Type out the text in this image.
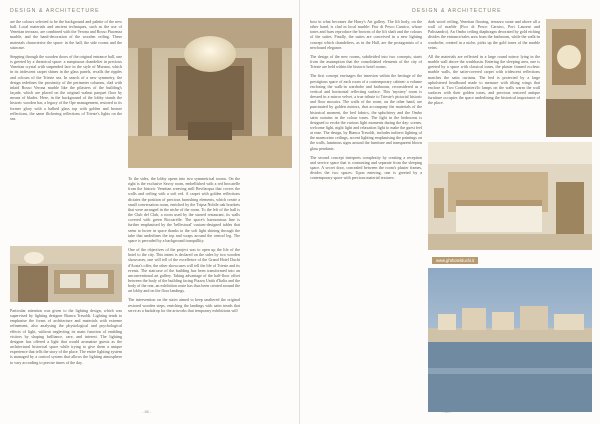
DESIGN & ARCHITECTURE

are the colours selected to be the background and palette of the new hall. Local materials and ancient techniques, such as the use of Venetian terrazzo, are combined with the Verona and Rosso Piacenza marble, and the hand-decoration of the wooden ceiling. These materials characterise the space: in the hall, the side rooms and the staircase.

Stepping through the wooden doors of the original entrance hall, one is greeted by a theatrical space: a sumptuous chandelier in precious Venetian crystal with suspended lace in the style of Murano, which in its iridescent carpet shines in the glass panels, recalls the ripples and colours of the Trieste sea. In search of a new symmetry, the design redefines the proximity of the perimeter columns, clad with inlaid Rosso Verona marble like the pilasters of the building's façade, which are placed on the original walnut parquet floor by means of blades. Here, in the background of the lobby stands the historic wooden bar, a legacy of the Ope management, restored to its former glory with a balked glass top with golden and bronze reflections, the same flickering reflections of Trieste's lights on the sea.

To the sides, the lobby opens into two symmetrical rooms. On the right is the exclusive Savoy room, embellished with a red brocatelle from the historic Venetian weaving mill Bevilacqua that covers the walls and ceiling with a soft red. A carpet with golden reflections dictates the position of precious furnishing elements, which create a small conversation room, enriched by the Tripsa Nobile oak brackets that were arranged in the niche of the room. To the left of the hall is the Club del Club, a room used by the starred restaurant, its walls covered with green Boccarelle. The space's harmonious line is further emphasised by the 'bellestoral' custom-designed tables that seem to hover in space thanks to the soft light shining through the tube that underlines the top and wraps around the central leg. The space is pervaded by a background tranquillity.

One of the objectives of the project was to open up the life of the hotel to the city. This intent is declared on the sides by two wooden showcases, one will tell of the excellence of the Grand Hotel Duchi d'Aosta's offer, the other showcases will tell the life of Trieste and its events. The staircase of the building has been transformed into an unconventional art gallery. Taking advantage of the half-floor offset between the body of the building facing Piazza Unità d'Italia and the body of the rear, an exhibition route has thus been created around the art lobby and on the floor landings.

The intervention on the stairs aimed to keep unaltered the original restored wooden steps, enriching the landings with satin treads that serve as a backdrop for the artworks that temporary exhibitions will

Particular attention was given to the lighting design, which was supervised by lighting designer Bianca Tresoldi. Lighting tends to emphasise the forms of architecture and materials with extreme refinement, also analysing the physiological and psychological effects of light, without neglecting its main function of enabling visitors by shaping brilliance, care, and interest. The lighting designer has offered a light that would aromatise guests as the architectural historical space while trying to give them a unique experience that tells the story of the place. The entire lighting system is managed by a control system that allows the lighting atmosphere to vary according to precise times of the day.

- 88 -
DESIGN & ARCHITECTURE

host in what becomes the Harry's Art gallery. The lift body, on the other hand, is clad in local marble: Fior di Pesco Carnico, whose tones and hues reproduce the browns of the lift shaft and the colours of the suites. Finally, the suites are conceived in a new lighting concept which chandeliers, as in the Hall, are the protagonists of a newfound elegance.

The design of the new rooms, subdivided into two concepts, starts from the assumption that the consolidated elements of the city of Trieste are held within the historic hotel rooms.

The first concept envisages the insertion within the heritage of the prestigious space of each room of a contemporary cabinet: a volume enclosing the walk-in wardrobe and bathroom, reconsidered as a vertical and horizontal reflecting surface. This 'mystery' room is dressed in a mirror velvet, a true tribute to Trieste's pictorial historic and floor mosaics. The walls of the room, on the other hand, are punctuated by golden mirrors, that accompany the materials of the historical moment, the bed fabrics, the upholstery and the Ombo satin curtains in the colour tones. The light in the bedrooms is designed to evoke the various light moments during the day: scenes, welcome light, night light and relaxation light to make the guest feel at ease. The design, by Bianca Tresoldi, includes indirect lighting of the marmorino ceilings, accent lighting emphasising the paintings on the walls, luminous signs around the furniture and transparent blown glass pendants.

The second concept interprets complexity by creating a reception and service space that is contrasting and separate from the sleeping space. A secret door, concealed between the room's plaster frames, divides the two spaces. Upon entering, one is greeted by a contemporary space with precious material textures:

dark wood ceiling, Venetian flooring, terrazzo stone and above all a wall of marble (Fior di Pesco Carnico, Port Laurent and Palissandro). An Ombo ceiling diaphragm decorated by gold etching divides the entrance/sales area from the bathroom, while the walk-in wardrobe, created in a niche, picks up the gold tones of the marble veins.

All the materials are reflected in a large round mirror lying in the marble wall above the washbasin. Entering the sleeping area, one is greeted by a space with classical tones, the plaster framed ecclesic marble walls, the satin-covered carpet with iridescent reflections matches the satin curtains. The bed is protected by a large upholstered headboard made to measure with tilting wings that enclose it. Two Confalonieri/Jo lamps on the walls warm the wall surfaces with their golden tones, and precious restored antique furniture occupies the space underlining the historical importance of the place.

www.ghthotelduchi.it
